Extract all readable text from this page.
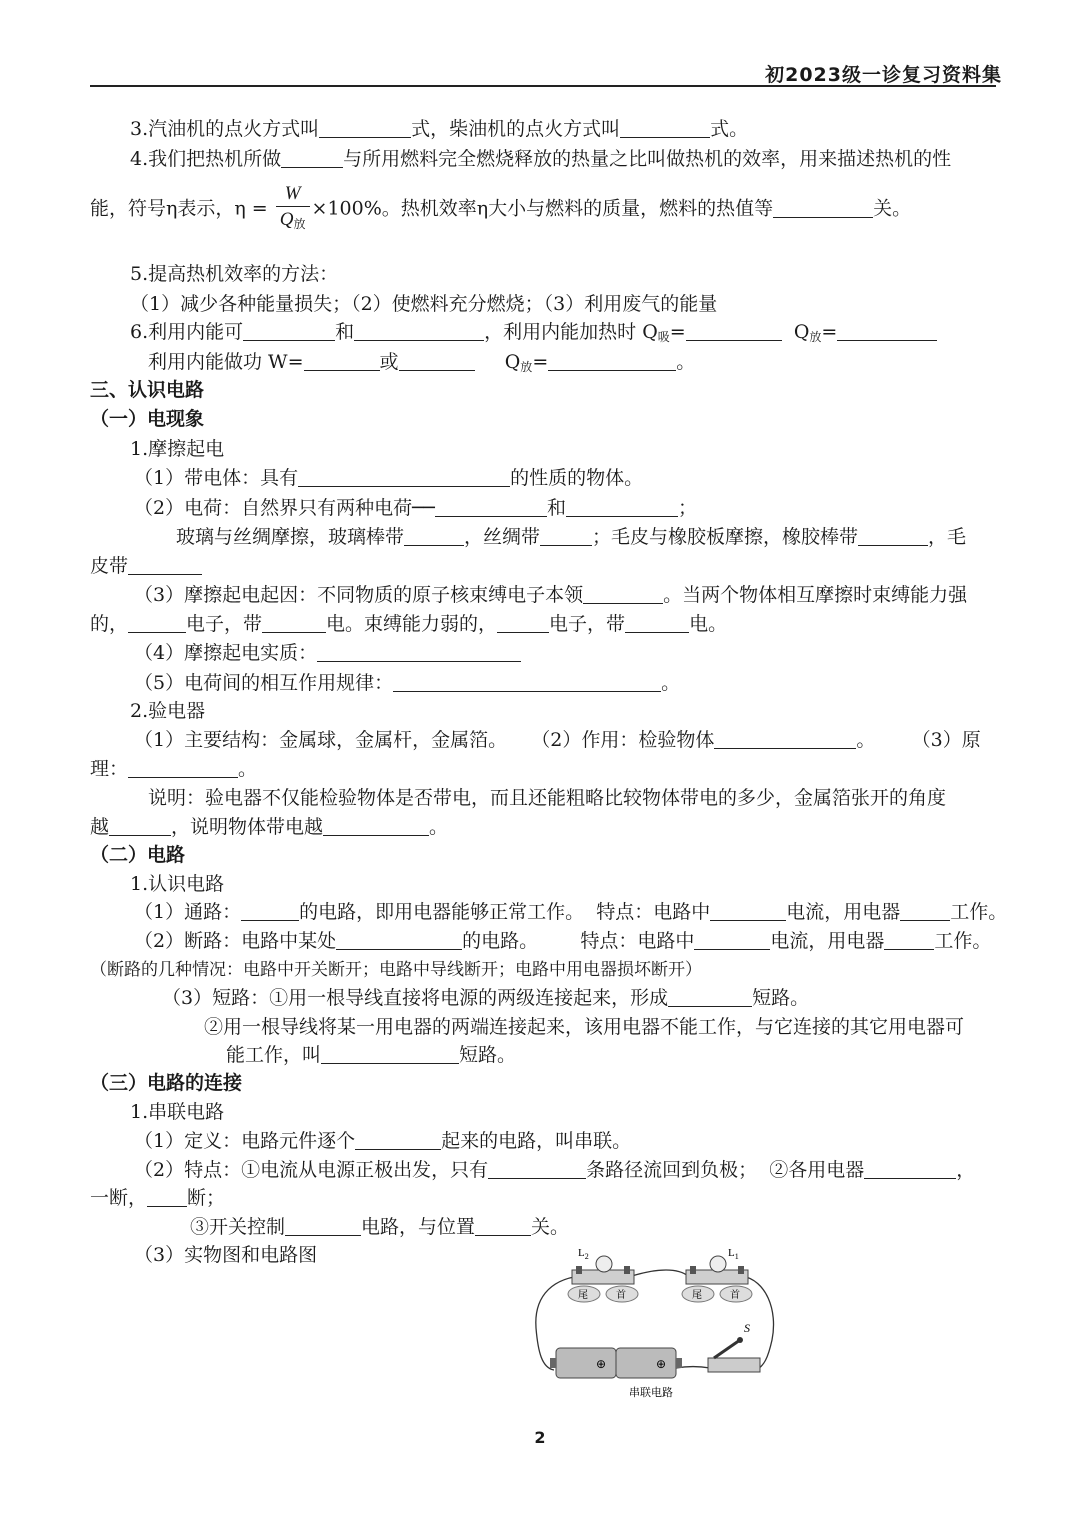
初2023级一诊复习资料集
3.汽油机的点火方式叫	式，柴油机的点火方式叫	式。
4.我们把热机所做	与所用燃料完全燃烧释放的热量之比叫做热机的效率，用来描述热机的性
能，符号η表示，$\eta = \frac{W}{Q_放} \times 100\%$。热机效率η大小与燃料的质量，燃料的热值等	关。
5.提高热机效率的方法：
（1）减少各种能量损失；（2）使燃料充分燃烧；（3）利用废气的能量
6.利用内能可	和	，利用内能加热时 $Q_吸=$	$Q_放=$
利用内能做功 W=	或	$Q_放=$	。
三、认识电路
（一）电现象
1.摩擦起电
（1）带电体：具有	的性质的物体。
（2）电荷：自然界只有两种电荷──	和	；
玻璃与丝绸摩擦，玻璃棒带	，丝绸带	；毛皮与橡胶板摩擦，橡胶棒带	，毛
皮带
（3）摩擦起电起因：不同物质的原子核束缚电子本领	。当两个物体相互摩擦时束缚能力强
的，	电子，带	电。束缚能力弱的，	电子，带	电。
（4）摩擦起电实质：
（5）电荷间的相互作用规律：	。
2.验电器
（1）主要结构：金属球，金属杆，金属箔。 （2）作用：检验物体	。 （3）原
理：	。
说明：验电器不仅能检验物体是否带电，而且还能粗略比较物体带电的多少，金属箔张开的角度
越	，说明物体带电越	。
（二）电路
1.认识电路
（1）通路：	的电路，即用电器能够正常工作。 特点：电路中	电流，用电器	工作。
（2）断路：电路中某处	的电路。 特点：电路中	电流，用电器	工作。
（断路的几种情况：电路中开关断开；电路中导线断开；电路中用电器损坏断开）
（3）短路：①用一根导线直接将电源的两级连接起来，形成	短路。
②用一根导线将某一用电器的两端连接起来，该用电器不能工作，与它连接的其它用电器可
能工作，叫	短路。
（三）电路的连接
1.串联电路
（1）定义：电路元件逐个	起来的电路，叫串联。
（2）特点：①电流从电源正极出发，只有	条路径流回到负极； ②各用电器	，
一断， 断；
③开关控制	电路，与位置	关。
（3）实物图和电路图	$L_2$
尾	首
$L_1$
尾	首
⊕	⊕
S
串联电路
2
